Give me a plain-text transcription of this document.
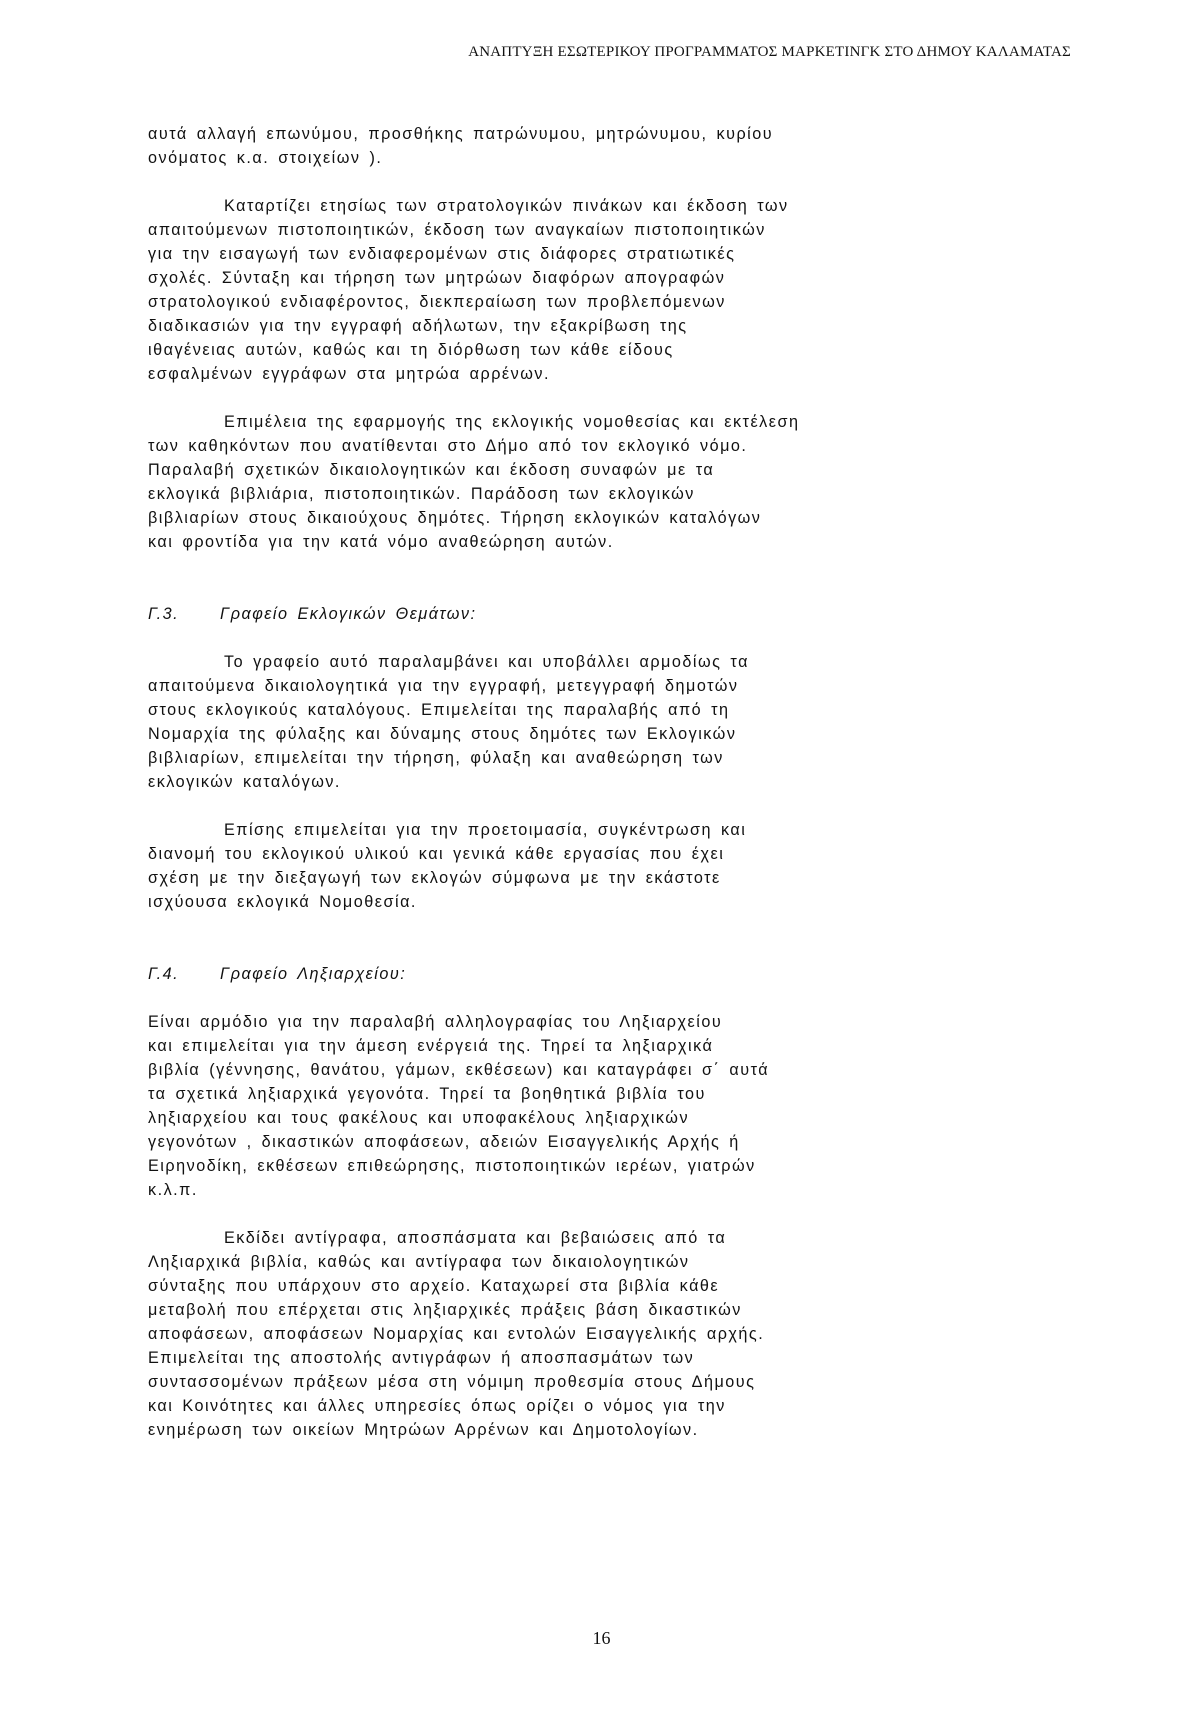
ΑΝΑΠΤΥΞΗ ΕΣΩΤΕΡΙΚΟΥ ΠΡΟΓΡΑΜΜΑΤΟΣ ΜΑΡΚΕΤΙΝΓΚ ΣΤΟ ΔΗΜΟΥ ΚΑΛΑΜΑΤΑΣ
αυτά αλλαγή επωνύμου, προσθήκης πατρώνυμου, μητρώνυμου, κυρίου
ονόματος κ.α. στοιχείων ).
Καταρτίζει ετησίως των στρατολογικών πινάκων και έκδοση των
απαιτούμενων πιστοποιητικών, έκδοση των αναγκαίων πιστοποιητικών
για την εισαγωγή των ενδιαφερομένων στις διάφορες στρατιωτικές
σχολές. Σύνταξη και τήρηση των μητρώων διαφόρων απογραφών
στρατολογικού ενδιαφέροντος, διεκπεραίωση των προβλεπόμενων
διαδικασιών για την εγγραφή αδήλωτων, την εξακρίβωση της
ιθαγένειας αυτών, καθώς και τη διόρθωση των κάθε είδους
εσφαλμένων εγγράφων στα μητρώα αρρένων.
Επιμέλεια της εφαρμογής της εκλογικής νομοθεσίας και εκτέλεση
των καθηκόντων που ανατίθενται στο Δήμο από τον εκλογικό νόμο.
Παραλαβή σχετικών δικαιολογητικών και έκδοση συναφών με τα
εκλογικά βιβλιάρια, πιστοποιητικών. Παράδοση των εκλογικών
βιβλιαρίων στους δικαιούχους δημότες. Τήρηση εκλογικών καταλόγων
και φροντίδα για την κατά νόμο αναθεώρηση αυτών.
Γ.3.	Γραφείο Εκλογικών Θεμάτων:
Το γραφείο αυτό παραλαμβάνει και υποβάλλει αρμοδίως τα
απαιτούμενα δικαιολογητικά για την εγγραφή, μετεγγραφή δημοτών
στους εκλογικούς καταλόγους. Επιμελείται της παραλαβής από τη
Νομαρχία της φύλαξης και δύναμης στους δημότες των Εκλογικών
βιβλιαρίων, επιμελείται την τήρηση, φύλαξη και αναθεώρηση των
εκλογικών καταλόγων.
Επίσης επιμελείται για την προετοιμασία, συγκέντρωση και
διανομή του εκλογικού υλικού και γενικά κάθε εργασίας που έχει
σχέση με την διεξαγωγή των εκλογών σύμφωνα με την εκάστοτε
ισχύουσα εκλογικά Νομοθεσία.
Γ.4.	Γραφείο Ληξιαρχείου:
Είναι αρμόδιο για την παραλαβή αλληλογραφίας του Ληξιαρχείου
και επιμελείται για την άμεση ενέργειά της. Τηρεί τα ληξιαρχικά
βιβλία (γέννησης, θανάτου, γάμων, εκθέσεων) και καταγράφει σ΄ αυτά
τα σχετικά ληξιαρχικά γεγονότα. Τηρεί τα βοηθητικά βιβλία του
ληξιαρχείου και τους φακέλους και υποφακέλους ληξιαρχικών
γεγονότων , δικαστικών αποφάσεων, αδειών Εισαγγελικής Αρχής ή
Ειρηνοδίκη, εκθέσεων επιθεώρησης, πιστοποιητικών ιερέων, γιατρών
κ.λ.π.
Εκδίδει αντίγραφα, αποσπάσματα και βεβαιώσεις από τα
Ληξιαρχικά βιβλία, καθώς και αντίγραφα των δικαιολογητικών
σύνταξης που υπάρχουν στο αρχείο. Καταχωρεί στα βιβλία κάθε
μεταβολή που επέρχεται στις ληξιαρχικές πράξεις βάση δικαστικών
αποφάσεων, αποφάσεων Νομαρχίας και εντολών Εισαγγελικής αρχής.
Επιμελείται της αποστολής αντιγράφων ή αποσπασμάτων των
συντασσομένων πράξεων μέσα στη νόμιμη προθεσμία στους Δήμους
και Κοινότητες και άλλες υπηρεσίες όπως ορίζει ο νόμος για την
ενημέρωση των οικείων Μητρώων Αρρένων και Δημοτολογίων.
16
